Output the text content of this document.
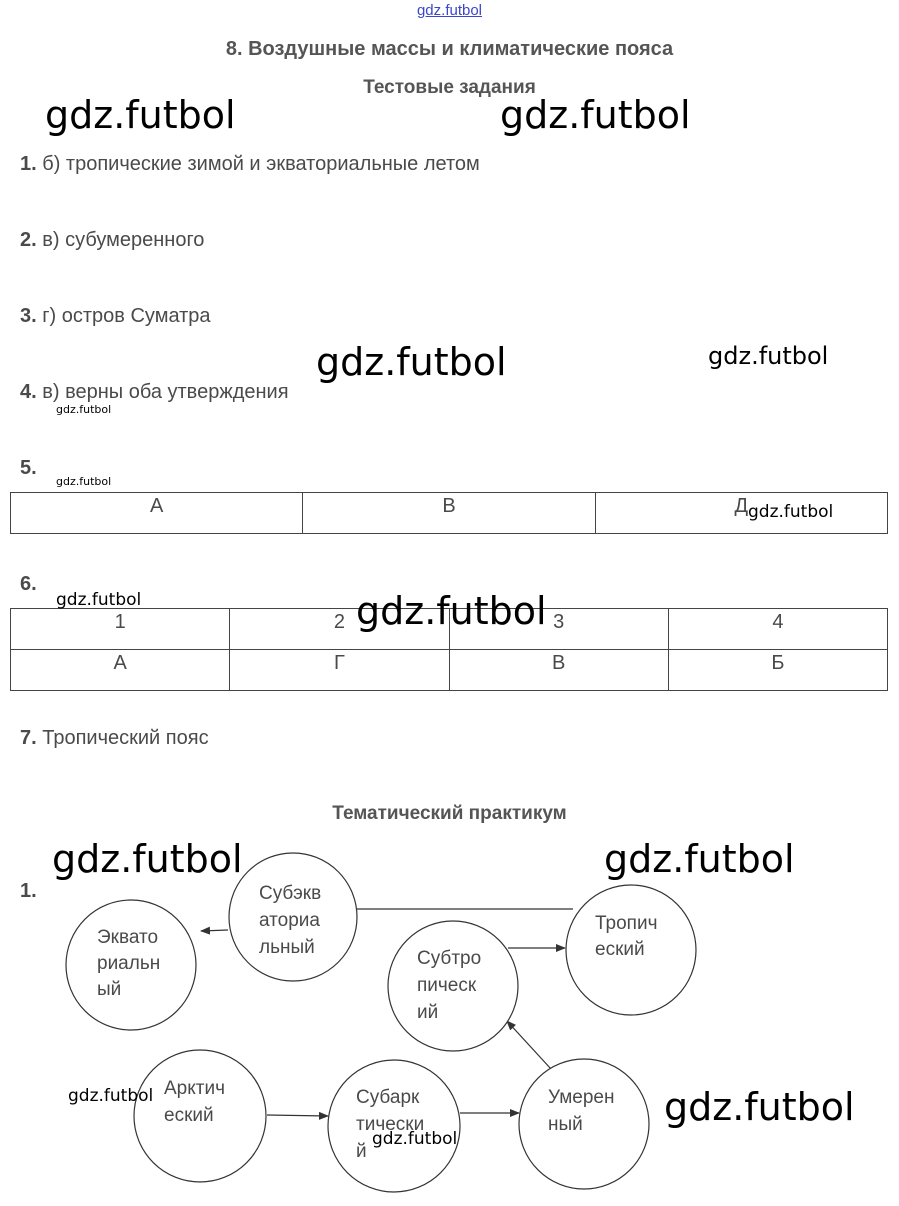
gdz.futbol
8. Воздушные массы и климатические пояса
Тестовые задания
1. б) тропические зимой и экваториальные летом
2. в) субумеренного
3. г) остров Суматра
4. в) верны оба утверждения
5.
А	В	Д
6.
1	2	3	4
А	Г	В	Б
7. Тропический пояс
Тематический практикум
1.
Эквато
риальн
ый
Субэкв
аториа
льный
Тропич
еский
Субтро
пическ
ий
Арктич
еский
Субарк
тически
й
Умерен
ный
gdz.futbol	gdz.futbol
gdz.futbol	gdz.futbol
gdz.futbol
gdz.futbol
gdz.futbol
gdz.futbol	gdz.futbol
gdz.futbol	gdz.futbol
gdz.futbol	gdz.futbol
gdz.futbol
